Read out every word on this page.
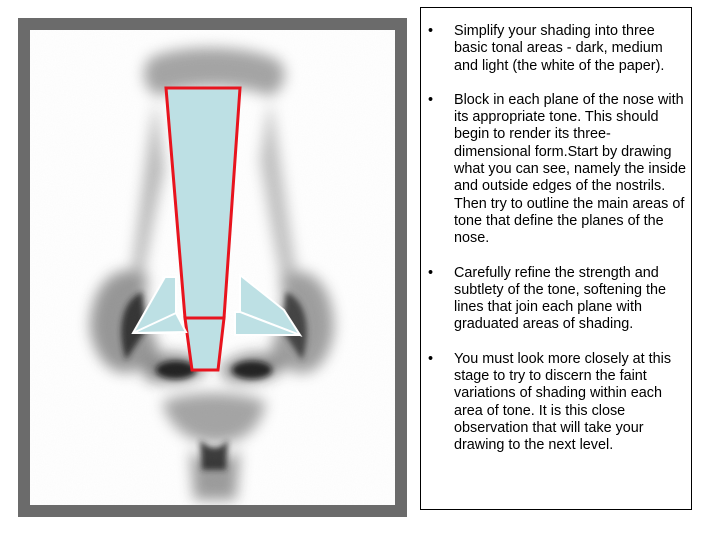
• Simplify your shading into three basic tonal areas - dark, medium and light (the white of the paper).
• Block in each plane of the nose with its appropriate tone. This should begin to render its three-dimensional form.Start by drawing what you can see, namely the inside and outside edges of the nostrils. Then try to outline the main areas of tone that define the planes of the nose.
• Carefully refine the strength and subtlety of the tone, softening the lines that join each plane with graduated areas of shading.
• You must look more closely at this stage to try to discern the faint variations of shading within each area of tone. It is this close observation that will take your drawing to the next level.
